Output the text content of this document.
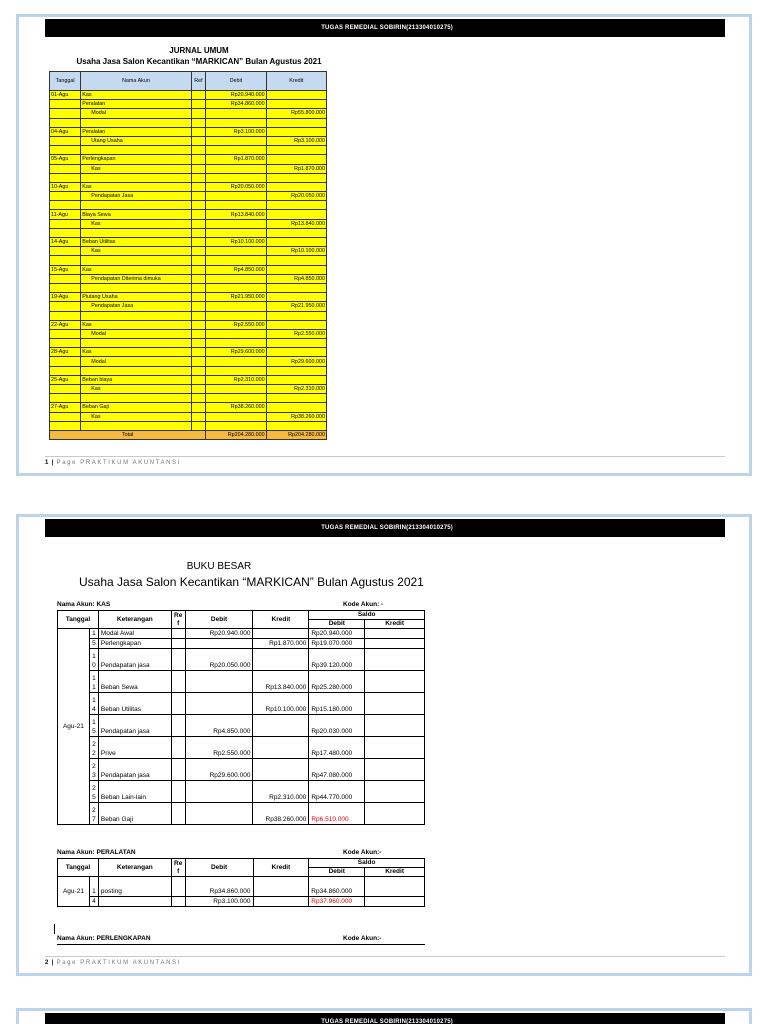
TUGAS REMEDIAL SOBIRIN(213304010275)
JURNAL UMUM
Usaha Jasa Salon Kecantikan “MARKICAN” Bulan Agustus 2021
Tanggal	Nama Akun	Ref	Debit	Kredit
01-Agu	Kas		Rp20.940.000	
	Peralatan		Rp34.860.000	
	Modal			Rp55.800.000

04-Agu	Peralatan		Rp3.100.000	
	Utang Usaha			Rp3.100.000

05-Agu	Perlengkapan		Rp1.870.000	
	Kas			Rp1.870.000

10-Agu	Kas		Rp20.050.000	
	Pendapatan Jasa			Rp20.050.000

11-Agu	Biaya Sewa		Rp13.840.000	
	Kas			Rp13.840.000

14-Agu	Beban Utilitas		Rp10.100.000	
	Kas			Rp10.100.000

15-Agu	Kas		Rp4.850.000	
	Pendapatan Diterima dimuka			Rp4.850.000

19-Agu	Piutang Usaha		Rp21.950.000	
	Pendapatan Jasa			Rp21.950.000

22-Agu	Kas		Rp2.550.000	
	Modal			Rp2.550.000

28-Agu	Kas		Rp29.600.000	
	Modal			Rp29.600.000

25-Agu	Beban biaya		Rp2.310.000	
	Kas			Rp2.310.000

27-Agu	Beban Gaji		Rp38.260.000	
	Kas			Rp38.260.000

Total			Rp204.280.000	Rp204.280.000
1 | Page PRAKTIKUM AKUNTANSI
TUGAS REMEDIAL SOBIRIN(213304010275)
BUKU BESAR
Usaha Jasa Salon Kecantikan “MARKICAN” Bulan Agustus 2021
Nama Akun: KAS	Kode Akun: -
Tanggal		Keterangan	Ref	Debit	Kredit	Saldo	
						Debit	Kredit
Agu-21	1	Modal Awal		Rp20.940.000		Rp20.940.000	
	5	Perlengkapan			Rp1.870.000	Rp19.070.000	
	10	Pendapatan jasa		Rp20.050.000		Rp39.120.000	
	11	Beban Sewa			Rp13.840.000	Rp25.280.000	
	14	Beban Utilitas			Rp10.100.000	Rp15.180.000	
	15	Pendapatan jasa		Rp4.850.000		Rp20.030.000	
	22	Prive		Rp2.550.000		Rp17.480.000	
	23	Pendapatan jasa		Rp29.600.000		Rp47.080.000	
	25	Beban Lain-lain			Rp2.310.000	Rp44.770.000	
	27	Beban Gaji			Rp38.260.000	Rp6.510.000	
Nama Akun: PERALATAN	Kode Akun:-
Tanggal		Keterangan	Ref	Debit	Kredit	Saldo	
						Debit	Kredit
Agu-21	1	posting		Rp34.860.000		Rp34.860.000	
	4			Rp3.100.000		Rp37.960.000	
Nama Akun: PERLENGKAPAN	Kode Akun:-
2 | Page PRAKTIKUM AKUNTANSI
TUGAS REMEDIAL SOBIRIN(213304010275)
